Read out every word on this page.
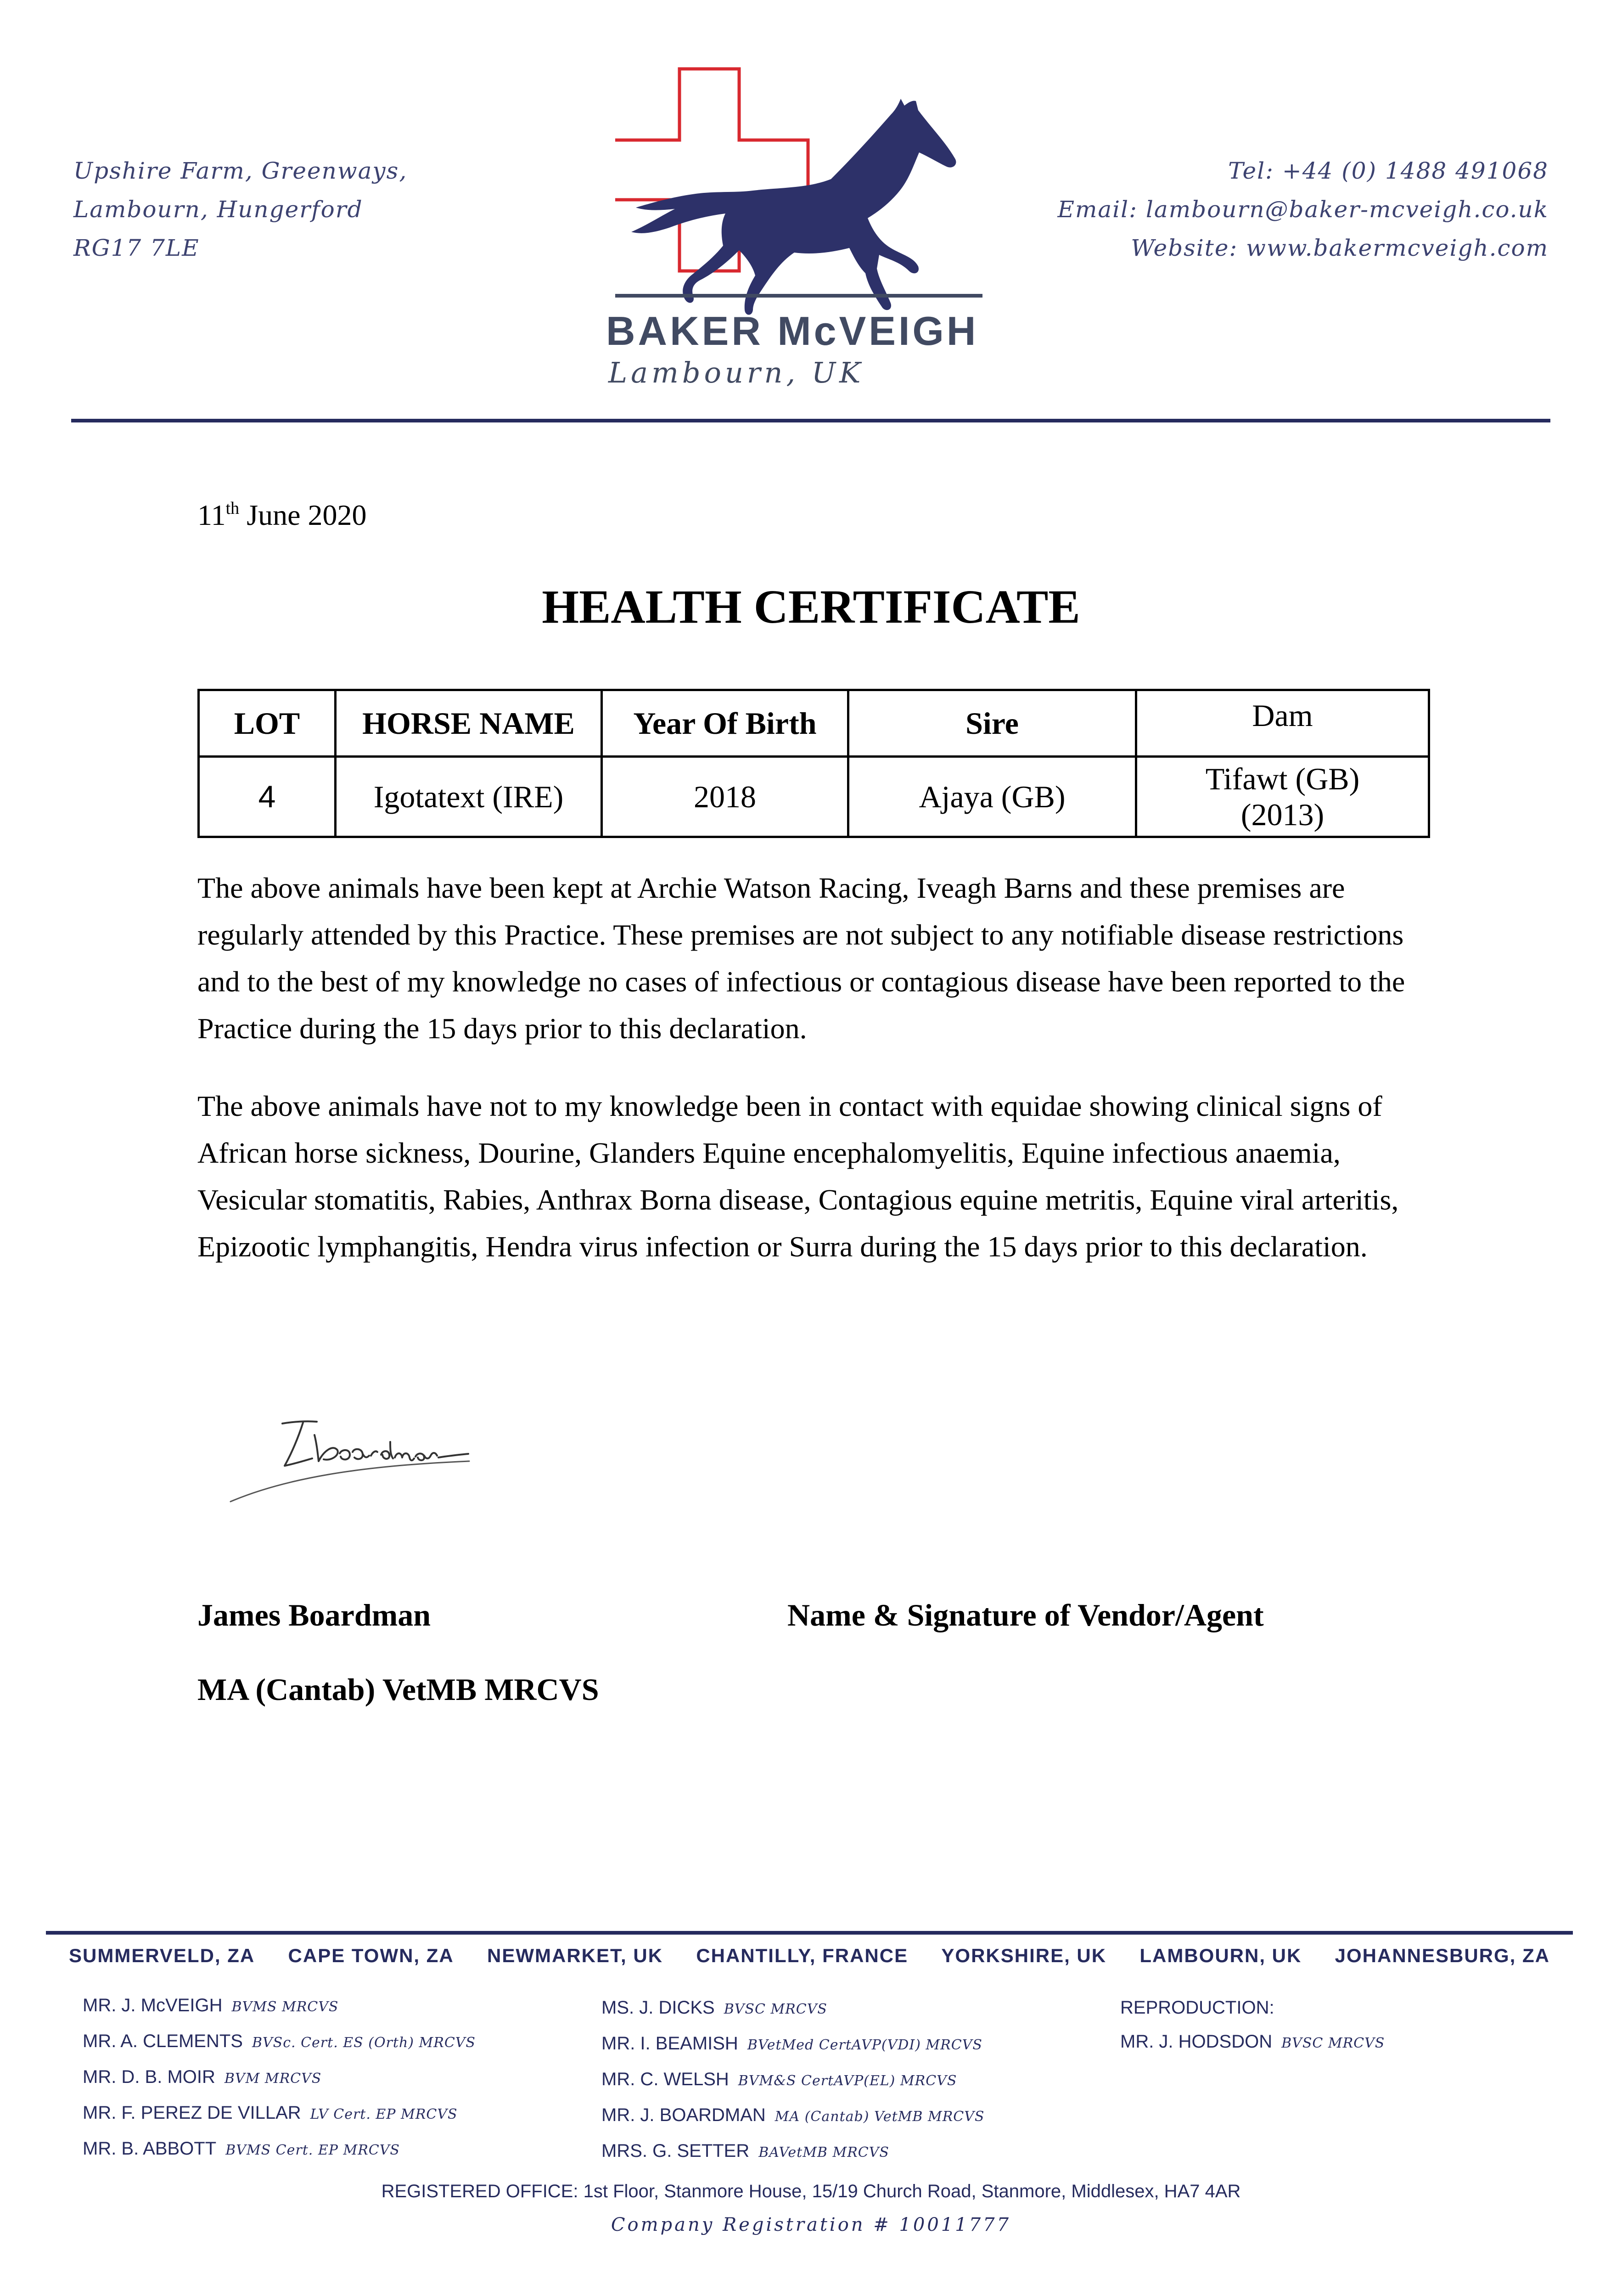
Upshire Farm, Greenways,
Lambourn, Hungerford
RG17 7LE
BAKER McVEIGH
Lambourn, UK
Tel: +44 (0) 1488 491068
Email: lambourn@baker-mcveigh.co.uk
Website: www.bakermcveigh.com
11th June 2020
HEALTH CERTIFICATE
LOT	HORSE NAME	Year Of Birth	Sire	Dam
4	Igotatext (IRE)	2018	Ajaya (GB)	Tifawt (GB)
(2013)
The above animals have been kept at Archie Watson Racing, Iveagh Barns and these premises are regularly attended by this Practice. These premises are not subject to any notifiable disease restrictions and to the best of my knowledge no cases of infectious or contagious disease have been reported to the Practice during the 15 days prior to this declaration.
The above animals have not to my knowledge been in contact with equidae showing clinical signs of African horse sickness, Dourine, Glanders Equine encephalomyelitis, Equine infectious anaemia, Vesicular stomatitis, Rabies, Anthrax Borna disease, Contagious equine metritis, Equine viral arteritis, Epizootic lymphangitis, Hendra virus infection or Surra during the 15 days prior to this declaration.
James Boardman
MA (Cantab) VetMB MRCVS
Name & Signature of Vendor/Agent
SUMMERVELD, ZA CAPE TOWN, ZA NEWMARKET, UK CHANTILLY, FRANCE YORKSHIRE, UK LAMBOURN, UK JOHANNESBURG, ZA
MR. J. McVEIGH BVMS MRCVS
MR. A. CLEMENTS BVSc. Cert. ES (Orth) MRCVS
MR. D. B. MOIR BVM MRCVS
MR. F. PEREZ DE VILLAR LV Cert. EP MRCVS
MR. B. ABBOTT BVMS Cert. EP MRCVS
MS. J. DICKS BVSC MRCVS
MR. I. BEAMISH BVetMed CertAVP(VDI) MRCVS
MR. C. WELSH BVM&S CertAVP(EL) MRCVS
MR. J. BOARDMAN MA (Cantab) VetMB MRCVS
MRS. G. SETTER BAVetMB MRCVS
REPRODUCTION:
MR. J. HODSDON BVSC MRCVS
REGISTERED OFFICE: 1st Floor, Stanmore House, 15/19 Church Road, Stanmore, Middlesex, HA7 4AR
Company Registration # 10011777
